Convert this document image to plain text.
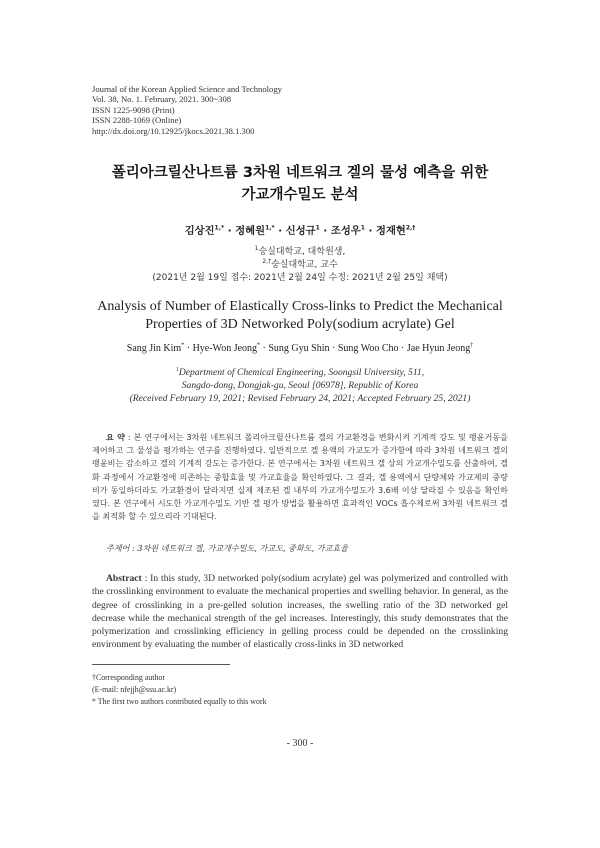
Journal of the Korean Applied Science and Technology
Vol. 38, No. 1. February, 2021. 300~308
ISSN 1225-9098 (Print)
ISSN 2288-1069 (Online)
http://dx.doi.org/10.12925/jkocs.2021.38.1.300
폴리아크릴산나트륨 3차원 네트워크 겔의 물성 예측을 위한
가교개수밀도 분석
김상진$^{1,*}$ · 정혜원$^{1,*}$ · 신성규$^1$ · 조성우$^1$ · 정재현$^{2,\dagger}$
$^1$숭실대학교, 대학원생,
$^{2,\dagger}$숭실대학교, 교수
(2021년 2월 19일 접수: 2021년 2월 24일 수정: 2021년 2월 25일 채택)
Analysis of Number of Elastically Cross-links to Predict the Mechanical
Properties of 3D Networked Poly(sodium acrylate) Gel
Sang Jin Kim* · Hye-Won Jeong* · Sung Gyu Shin · Sung Woo Cho · Jae Hyun Jeong†
$^1$Department of Chemical Engineering, Soongsil University, 511,
Sangdo-dong, Dongjak-gu, Seoul [06978], Republic of Korea
(Received February 19, 2021; Revised February 24, 2021; Accepted February 25, 2021)
요 약 : 본 연구에서는 3차원 네트워크 폴리아크릴산나트륨 겔의 가교환경을 변화시켜 기계적 강도 및 팽윤거동을 제어하고 그 물성을 평가하는 연구를 진행하였다. 일반적으로 겔 용액의 가교도가 증가함에 따라 3차원 네트워크 겔의 팽윤비는 감소하고 겔의 기계적 강도는 증가한다. 본 연구에서는 3차원 네트워크 겔 상의 가교개수밀도를 산출하여, 겔화 과정에서 가교환경에 의존하는 중합효율 및 가교효율을 확인하였다. 그 결과, 겔 용액에서 단량체와 가교제의 중량비가 동일하더라도 가교환경이 달라지면 실제 제조된 겔 내부의 가교개수밀도가 3.6배 이상 달라질 수 있음을 확인하였다. 본 연구에서 시도한 가교개수밀도 기반 겔 평가 방법을 활용하면 효과적인 VOCs 흡수제로써 3차원 네트워크 겔을 최적화 할 수 있으리라 기대된다.
주제어 : 3차원 네트워크 겔, 가교개수밀도, 가교도, 중화도, 가교효율
Abstract : In this study, 3D networked poly(sodium acrylate) gel was polymerized and controlled with the crosslinking environment to evaluate the mechanical properties and swelling behavior. In general, as the degree of crosslinking in a pre-gelled solution increases, the swelling ratio of the 3D networked gel decrease while the mechanical strength of the gel increases. Interestingly, this study demonstrates that the polymerization and crosslinking efficiency in gelling process could be depended on the crosslinking environment by evaluating the number of elastically cross-links in 3D networked
†Corresponding author
(E-mail: nfejjh@ssu.ac.kr)
* The first two authors contributed equally to this work
- 300 -
